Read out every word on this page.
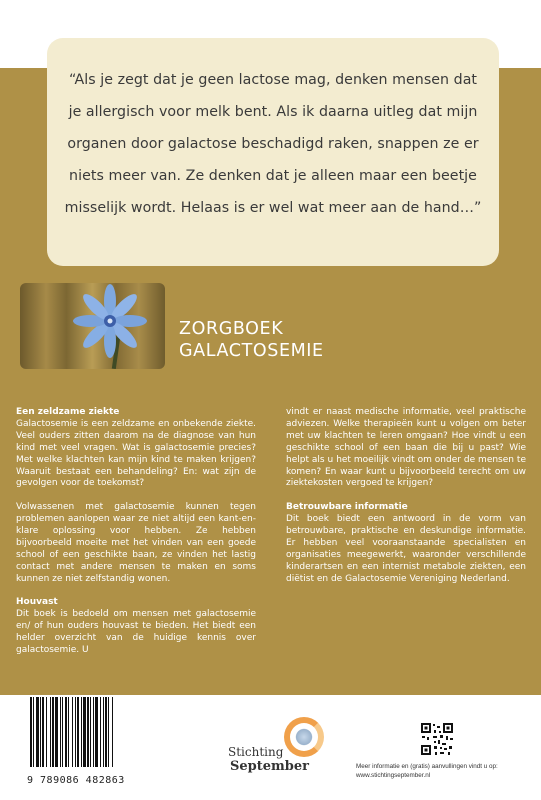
“Als je zegt dat je geen lactose mag, denken mensen dat je allergisch voor melk bent. Als ik daarna uitleg dat mijn organen door galactose beschadigd raken, snappen ze er niets meer van. Ze denken dat je alleen maar een beetje misselijk wordt. Helaas is er wel wat meer aan de hand…”

ZORGBOEK
GALACTOSEMIE
Een zeldzame ziekte

Galactosemie is een zeldzame en onbekende ziekte. Veel ouders zitten daarom na de diagnose van hun kind met veel vragen. Wat is galactosemie precies? Met welke klachten kan mijn kind te maken krijgen? Waaruit bestaat een behandeling? En: wat zijn de gevolgen voor de toekomst?

Volwassenen met galactosemie kunnen tegen problemen aanlopen waar ze niet altijd een kant-en-klare oplossing voor hebben. Ze hebben bijvoorbeeld moeite met het vinden van een goede school of een geschikte baan, ze vinden het lastig contact met andere mensen te maken en soms kunnen ze niet zelfstandig wonen.

Houvast

Dit boek is bedoeld om mensen met galactosemie en/ of hun ouders houvast te bieden. Het biedt een helder overzicht van de huidige kennis over galactosemie. U

vindt er naast medische informatie, veel praktische adviezen. Welke therapieën kunt u volgen om beter met uw klachten te leren omgaan? Hoe vindt u een geschikte school of een baan die bij u past? Wie helpt als u het moeilijk vindt om onder de mensen te komen? En waar kunt u bijvoorbeeld terecht om uw ziektekosten vergoed te krijgen?

Betrouwbare informatie

Dit boek biedt een antwoord in de vorm van betrouwbare, praktische en deskundige informatie. Er hebben veel vooraanstaande specialisten en organisaties meegewerkt, waaronder verschillende kinderartsen en een internist metabole ziekten, een diëtist en de Galactosemie Vereniging Nederland.

9 789086 482863
Stichting
September	Meer informatie en (gratis) aanvullingen vindt u op:
www.stichtingseptember.nl
